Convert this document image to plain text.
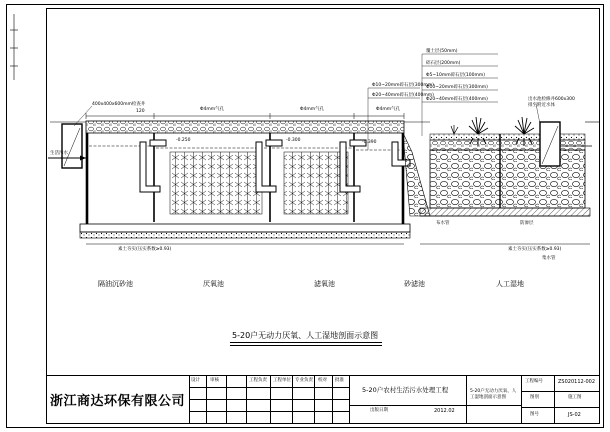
400x400x600mm检查井
生活污水
Φ4mm气孔	Φ4mm气孔	Φ4mm气孔
120
-0.250	-0.300	-0.390
覆土层(50mm)
碎石层(200mm)
Φ5~10mm碎石层(100mm)
Φ10~20mm碎石层(300mm)
Φ20~40mm碎石层(400mm)
Φ10~20mm碎石层(300mm)
Φ20~40mm碎石层(400mm)
出水池检修井600x300
排至附近水体
素土夯实(压实系数≥0.93)
布水管	防渗层
素土夯实(压实系数≥0.93)
集水管
隔油沉砂池	厌氧池	滤氧池	砂滤池	人工湿地
5-20户无动力厌氧、人工湿地剖面示意图
浙江商达环保有限公司
设计 审核	工程负责 工程单位 专业负责 校对 批准
5-20户农村生活污水处理工程
出版日期	2012.02
5-20户无动力厌氧、人工湿地剖面示意图
工程编号	ZS020112-002
图别	施工图
图号	JS-02
